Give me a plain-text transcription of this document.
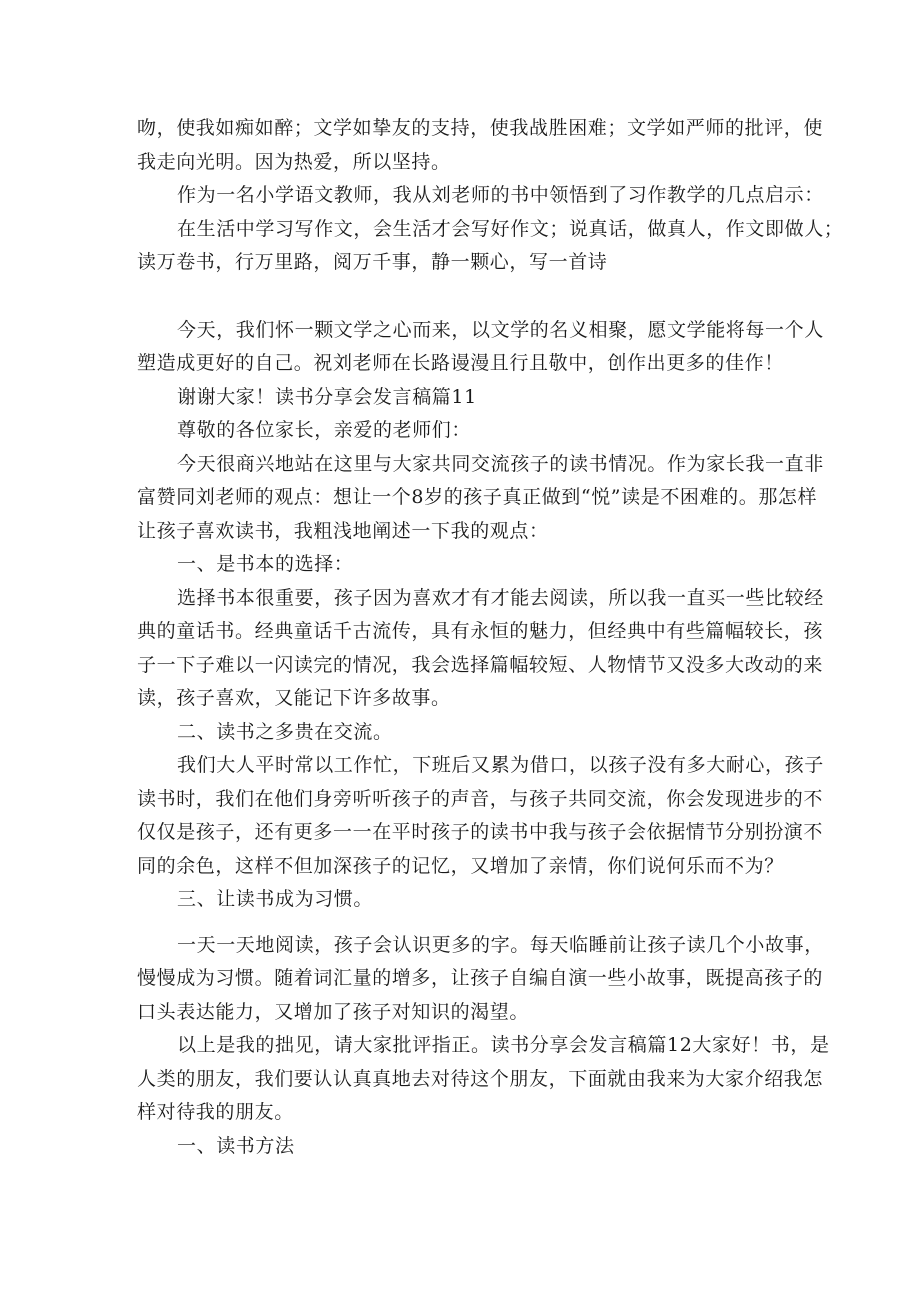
吻，使我如痴如醉；文学如挚友的支持，使我战胜困难；文学如严师的批评，使
我走向光明。因为热爱，所以坚持。
作为一名小学语文教师，我从刘老师的书中领悟到了习作教学的几点启示：
在生活中学习写作文，会生活才会写好作文；说真话，做真人，作文即做人；
读万卷书，行万里路，阅万千事，静一颗心，写一首诗
今天，我们怀一颗文学之心而来，以文学的名义相聚，愿文学能将每一个人
塑造成更好的自己。祝刘老师在长路谩漫且行且敬中，创作出更多的佳作！
谢谢大家！读书分享会发言稿篇11
尊敬的各位家长，亲爱的老师们：
今天很商兴地站在这里与大家共同交流孩子的读书情况。作为家长我一直非
富赞同刘老师的观点：想让一个8岁的孩子真正做到“悦”读是不困难的。那怎样
让孩子喜欢读书，我粗浅地阐述一下我的观点：
一、是书本的选择：
选择书本很重要，孩子因为喜欢才有才能去阅读，所以我一直买一些比较经
典的童话书。经典童话千古流传，具有永恒的魅力，但经典中有些篇幅较长，孩
子一下子难以一闪读完的情况，我会选择篇幅较短、人物情节又没多大改动的来
读，孩子喜欢，又能记下许多故事。
二、读书之多贵在交流。
我们大人平时常以工作忙，下班后又累为借口，以孩子没有多大耐心，孩子
读书时，我们在他们身旁听听孩子的声音，与孩子共同交流，你会发现进步的不
仅仅是孩子，还有更多一一在平时孩子的读书中我与孩子会依据情节分别扮演不
同的余色，这样不但加深孩子的记忆，又增加了亲情，你们说何乐而不为？
三、让读书成为习惯。
一天一天地阅读，孩子会认识更多的字。每天临睡前让孩子读几个小故事，
慢慢成为习惯。随着词汇量的增多，让孩子自编自演一些小故事，既提高孩子的
口头表达能力，又增加了孩子对知识的渴望。
以上是我的拙见，请大家批评指正。读书分享会发言稿篇12大家好！书，是
人类的朋友，我们要认认真真地去对待这个朋友，下面就由我来为大家介绍我怎
样对待我的朋友。
一、读书方法
